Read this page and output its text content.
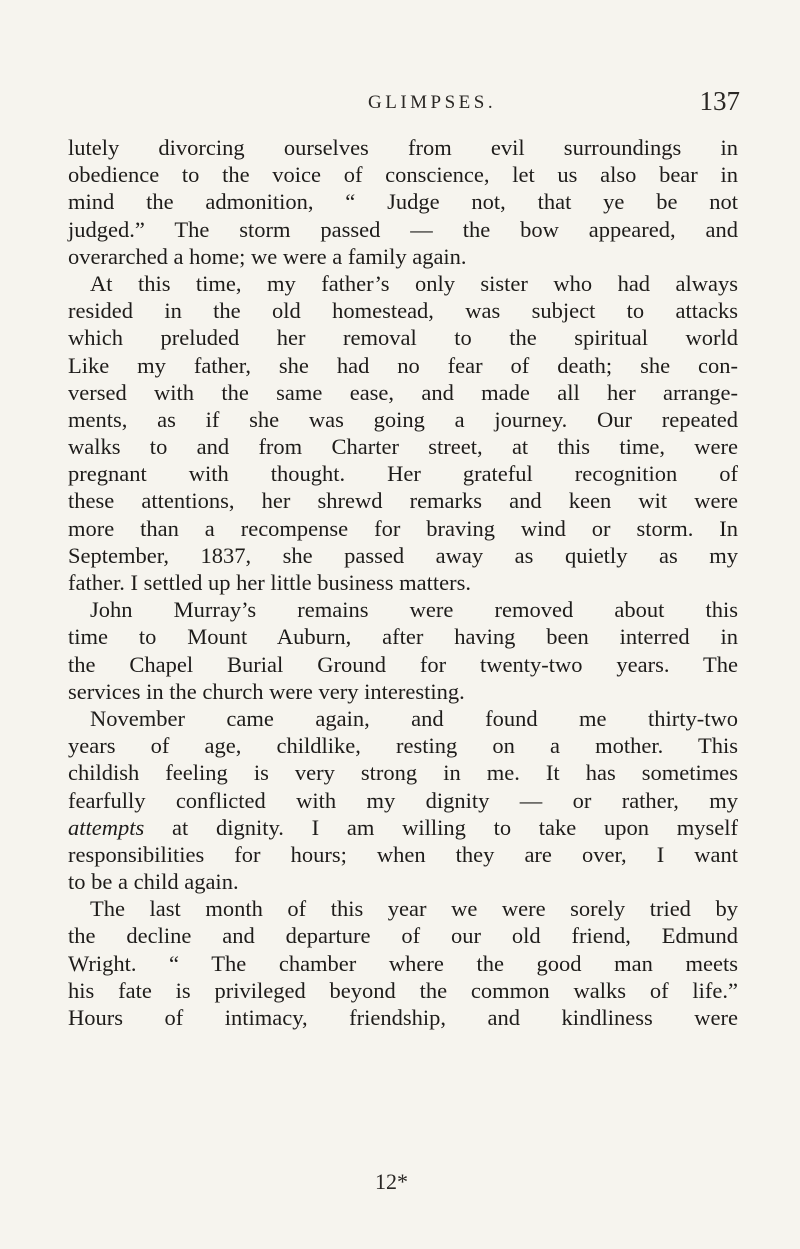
GLIMPSES.	137
lutely divorcing ourselves from evil surroundings in
obedience to the voice of conscience, let us also bear in
mind the admonition, “ Judge not, that ye be not
judged.” The storm passed — the bow appeared, and
overarched a home; we were a family again.
At this time, my father’s only sister who had always
resided in the old homestead, was subject to attacks
which preluded her removal to the spiritual world
Like my father, she had no fear of death; she con-
versed with the same ease, and made all her arrange-
ments, as if she was going a journey. Our repeated
walks to and from Charter street, at this time, were
pregnant with thought. Her grateful recognition of
these attentions, her shrewd remarks and keen wit were
more than a recompense for braving wind or storm. In
September, 1837, she passed away as quietly as my
father. I settled up her little business matters.
John Murray’s remains were removed about this
time to Mount Auburn, after having been interred in
the Chapel Burial Ground for twenty-two years. The
services in the church were very interesting.
November came again, and found me thirty-two
years of age, childlike, resting on a mother. This
childish feeling is very strong in me. It has sometimes
fearfully conflicted with my dignity — or rather, my
attempts at dignity. I am willing to take upon myself
responsibilities for hours; when they are over, I want
to be a child again.
The last month of this year we were sorely tried by
the decline and departure of our old friend, Edmund
Wright. “ The chamber where the good man meets
his fate is privileged beyond the common walks of life.”
Hours of intimacy, friendship, and kindliness were
12*
